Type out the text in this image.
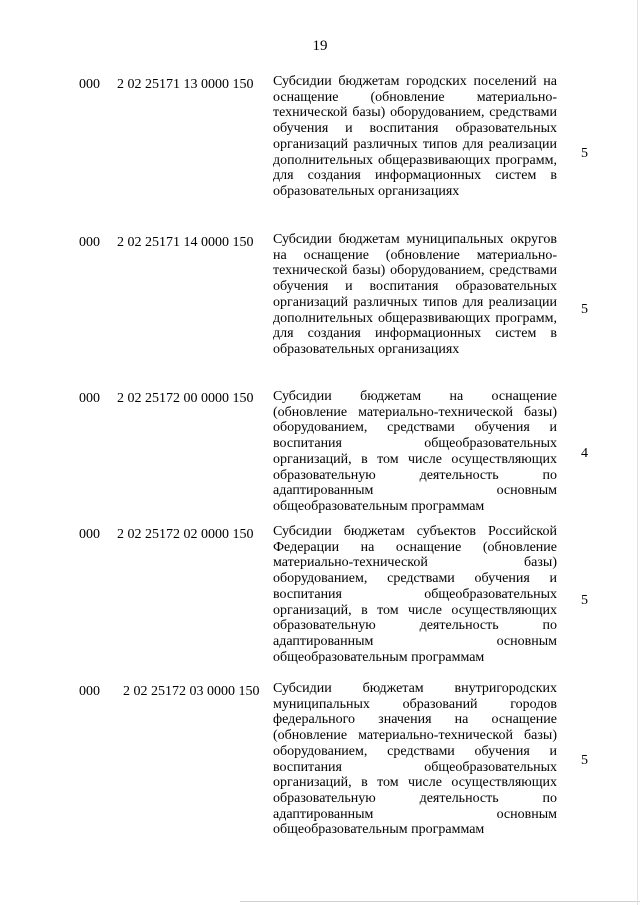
19
000	2 02 25171 13 0000 150	Субсидии бюджетам городских поселений на оснащение (обновление материально-технической базы) оборудованием, средствами обучения и воспитания образовательных организаций различных типов для реализации дополнительных общеразвивающих программ, для создания информационных систем в образовательных организациях
5
000	2 02 25171 14 0000 150	Субсидии бюджетам муниципальных округов на оснащение (обновление материально-технической базы) оборудованием, средствами обучения и воспитания образовательных организаций различных типов для реализации дополнительных общеразвивающих программ, для создания информационных систем в образовательных организациях
5
000	2 02 25172 00 0000 150	Субсидии бюджетам на оснащение (обновление материально-технической базы) оборудованием, средствами обучения и воспитания общеобразовательных организаций, в том числе осуществляющих образовательную деятельность по адаптированным основным общеобразовательным программам
4
000	2 02 25172 02 0000 150	Субсидии бюджетам субъектов Российской Федерации на оснащение (обновление материально-технической базы) оборудованием, средствами обучения и воспитания общеобразовательных организаций, в том числе осуществляющих образовательную деятельность по адаптированным основным общеобразовательным программам
5
000	2 02 25172 03 0000 150 Субсидии бюджетам внутригородских муниципальных образований городов федерального значения на оснащение (обновление материально-технической базы) оборудованием, средствами обучения и воспитания общеобразовательных организаций, в том числе осуществляющих образовательную деятельность по адаптированным основным общеобразовательным программам
5
